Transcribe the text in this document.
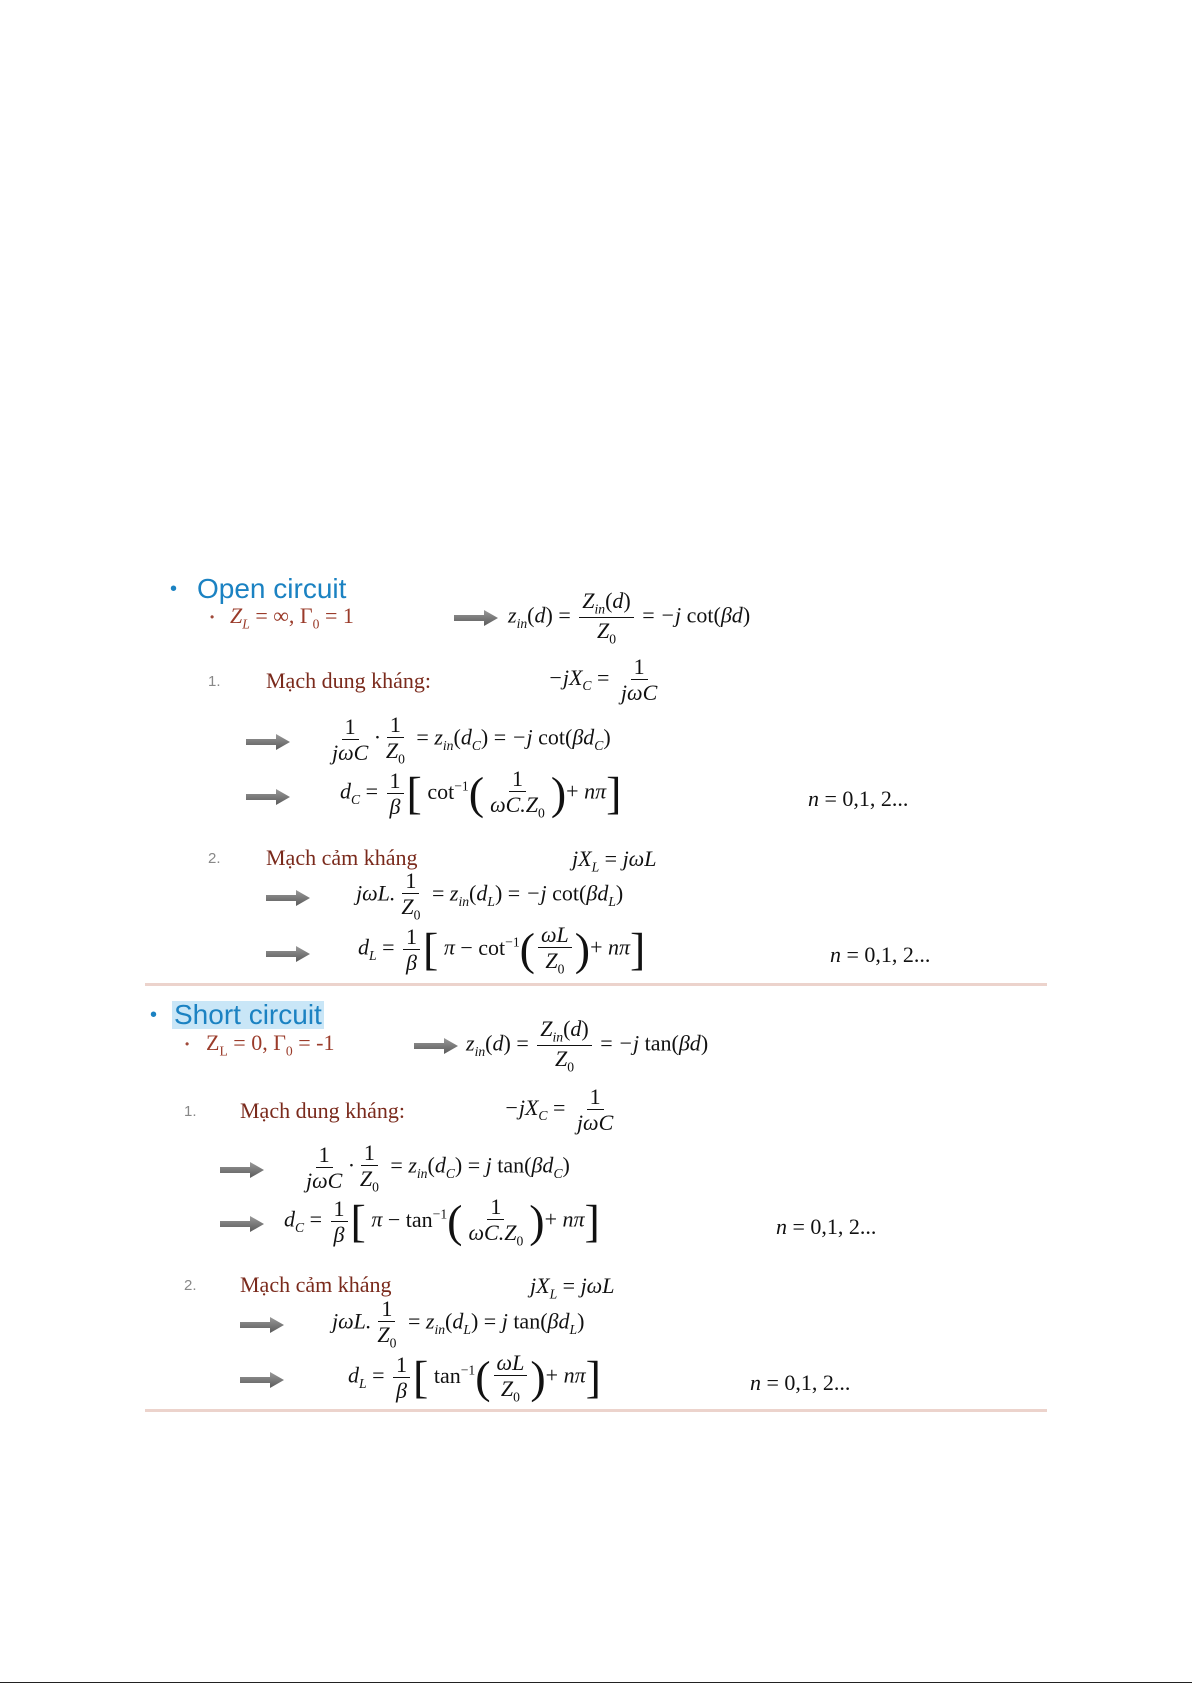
• Open circuit
• $Z_L$ = ∞, $\Gamma_0 = 1$	$z_{in}(d) = \frac{Z_{in}(d)}{Z_0} = -j$ cot(βd)
1. Mạch dung kháng:	$-jX_C = \frac{1}{\text{jωC}}$
$\frac{1}{\text{jωC}} \cdot \frac{1}{Z_0} = z_{in}(d_C) = -j$ $\cot(\beta d_C)$
$d_C = \frac{1}{\beta}$ [ $\cot^{-1}( \frac{1}{\omega C.Z_0}$ )+ nπ]	n = 0,1, 2...
2. Mạch cảm kháng	$jX_L = j\omega L$
jωL. $\frac{1}{Z_0} = z_{in}(d_L) = -j$ $\cot(\beta d_L)$
$d_L = \frac{1}{\beta}$ [ $\pi - \cot^{-1}( \frac{\omega L}{Z_0}$ )+ nπ]	n = 0,1, 2...
• Short circuit
• $Z_L = 0$, $\Gamma_0 = -1$	$z_{in}(d) = \frac{Z_{in}(d)}{Z_0} = -j$ tan(βd)
1. Mạch dung kháng:	$-jX_C = \frac{1}{\text{jωC}}$
$\frac{1}{\text{jωC}} \cdot \frac{1}{Z_0} = z_{in}(d_C) = j$ $\tan(\beta d_C)$
$d_C = \frac{1}{\beta}$ [ $\pi - \tan^{-1}( \frac{1}{\omega C.Z_0}$ )+ nπ]	n = 0,1, 2...
2. Mạch cảm kháng	$jX_L = j\omega L$
jωL. $\frac{1}{Z_0} = z_{in}(d_L) = j$ $\tan(\beta d_L)$
$d_L = \frac{1}{\beta}$ [ $\tan^{-1}( \frac{\omega L}{Z_0}$ )+ nπ]	n = 0,1, 2...
